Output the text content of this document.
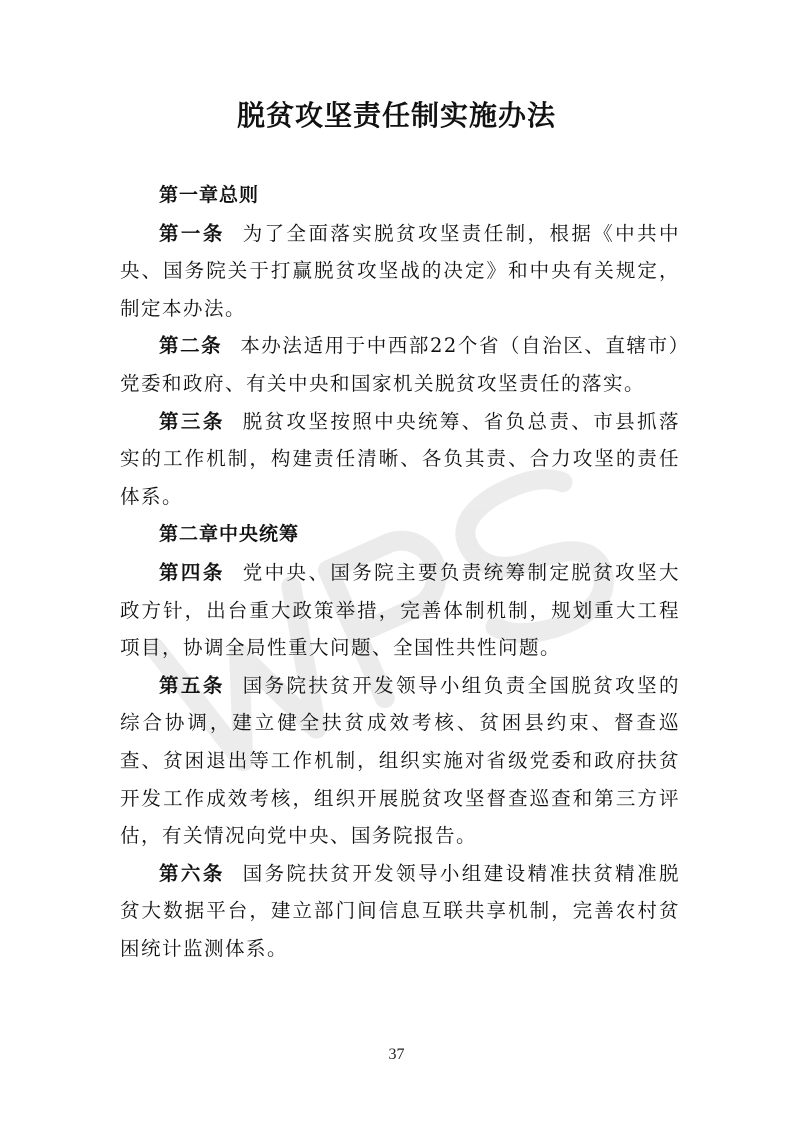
脱贫攻坚责任制实施办法

第一章总则

第一条 为了全面落实脱贫攻坚责任制，根据《中共中央、国务院关于打赢脱贫攻坚战的决定》和中央有关规定，制定本办法。

第二条 本办法适用于中西部22个省（自治区、直辖市）党委和政府、有关中央和国家机关脱贫攻坚责任的落实。

第三条 脱贫攻坚按照中央统筹、省负总责、市县抓落实的工作机制，构建责任清晰、各负其责、合力攻坚的责任体系。

第二章中央统筹

第四条 党中央、国务院主要负责统筹制定脱贫攻坚大政方针，出台重大政策举措，完善体制机制，规划重大工程项目，协调全局性重大问题、全国性共性问题。

第五条 国务院扶贫开发领导小组负责全国脱贫攻坚的综合协调，建立健全扶贫成效考核、贫困县约束、督查巡查、贫困退出等工作机制，组织实施对省级党委和政府扶贫开发工作成效考核，组织开展脱贫攻坚督查巡查和第三方评估，有关情况向党中央、国务院报告。

第六条 国务院扶贫开发领导小组建设精准扶贫精准脱贫大数据平台，建立部门间信息互联共享机制，完善农村贫困统计监测体系。

37
